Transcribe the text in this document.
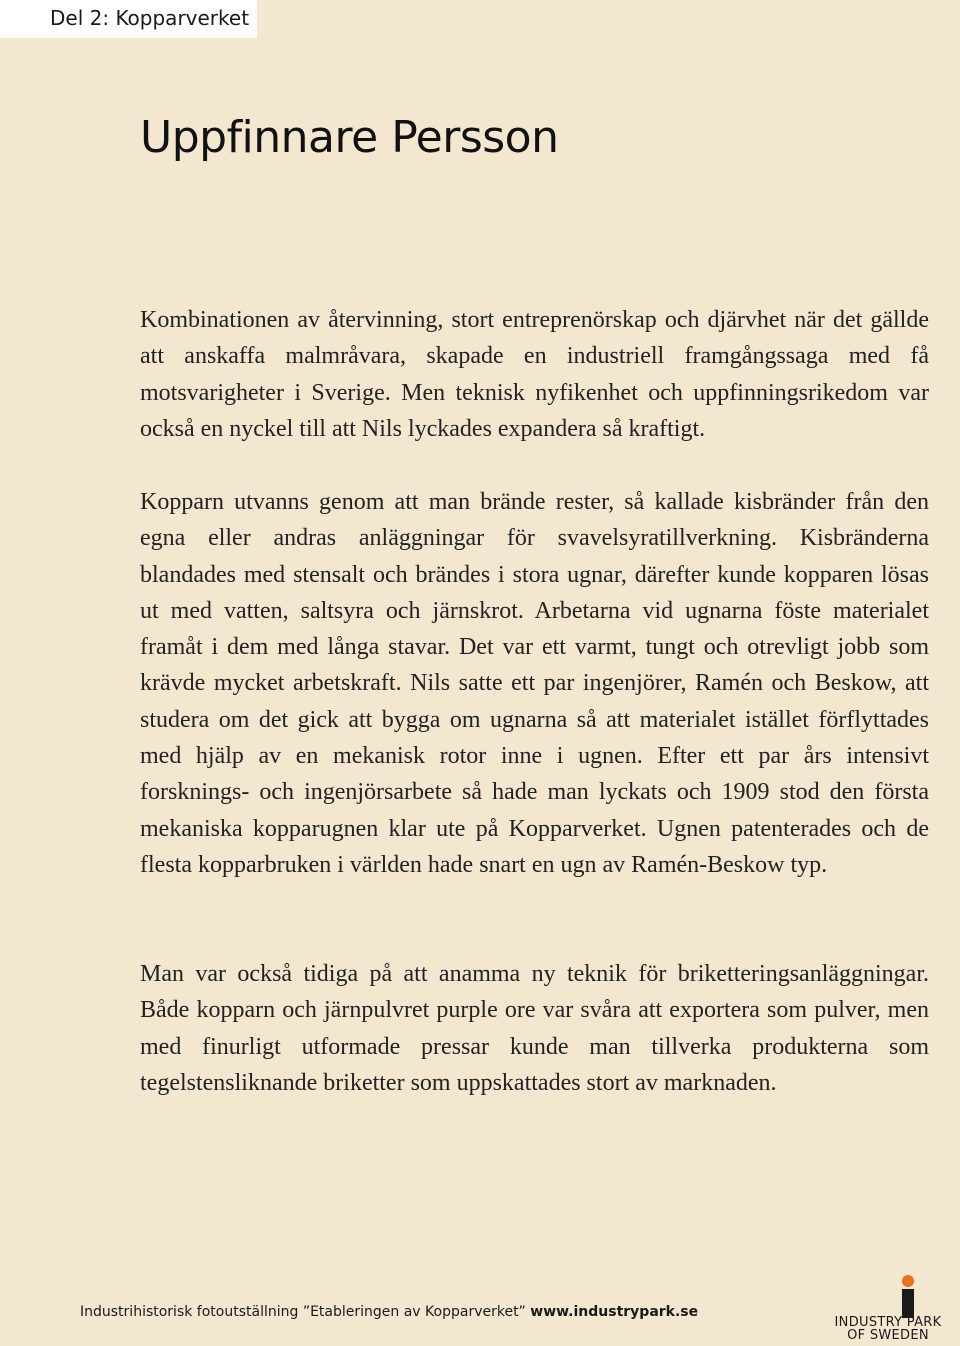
Del 2: Kopparverket
Uppfinnare Persson

Kombinationen av återvinning, stort entreprenörskap och djärvhet när det gällde att anskaffa malmråvara, skapade en industriell framgångssaga med få motsvarigheter i Sverige. Men teknisk nyfikenhet och uppfinningsrikedom var också en nyckel till att Nils lyckades expandera så kraftigt.

Kopparn utvanns genom att man brände rester, så kallade kisbränder från den egna eller andras anläggningar för svavelsyratillverkning. Kisbränderna blandades med stensalt och brändes i stora ugnar, därefter kunde kopparen lösas ut med vatten, saltsyra och järnskrot. Arbetarna vid ugnarna föste materialet framåt i dem med långa stavar. Det var ett varmt, tungt och otrevligt jobb som krävde mycket arbetskraft. Nils satte ett par ingenjörer, Ramén och Beskow, att studera om det gick att bygga om ugnarna så att materialet istället förflyttades med hjälp av en mekanisk rotor inne i ugnen. Efter ett par års intensivt forsknings- och ingenjörsarbete så hade man lyckats och 1909 stod den första mekaniska kopparugnen klar ute på Kopparverket. Ugnen patenterades och de flesta kopparbruken i världen hade snart en ugn av Ramén-Beskow typ.

Man var också tidiga på att anamma ny teknik för briketteringsanläggningar. Både kopparn och järnpulvret purple ore var svåra att exportera som pulver, men med finurligt utformade pressar kunde man tillverka produkterna som tegelstensliknande briketter som uppskattades stort av marknaden.

Industrihistorisk fotoutställning ”Etableringen av Kopparverket” www.industrypark.se
INDUSTRY PARK
OF SWEDEN
